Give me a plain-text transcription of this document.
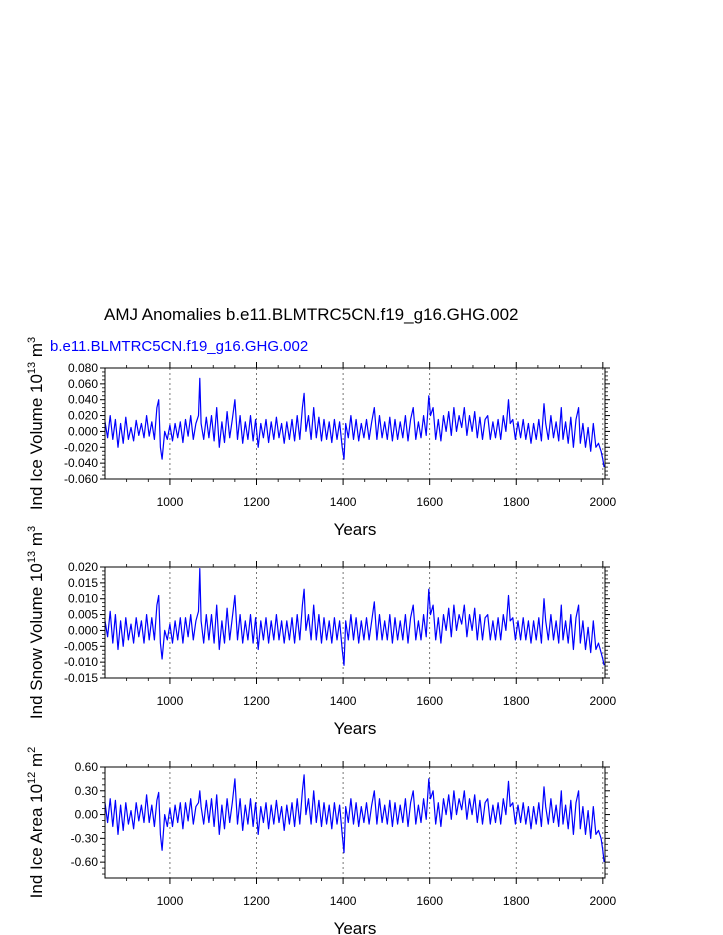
AMJ Anomalies b.e11.BLMTRC5CN.f19_g16.GHG.002
b.e11.BLMTRC5CN.f19_g16.GHG.002
-0.060
-0.040
-0.020
0.000
0.020
0.040
0.060
0.080
1000	1200	1400	1600	1800	2000
Years
Ind Ice Volume $10^{13}$ $m^3$
-0.015
-0.010
-0.005
0.000
0.005
0.010
0.015
0.020
1000	1200	1400	1600	1800	2000
Years
Ind Snow Volume $10^{13}$ $m^3$
-0.60
-0.30
0.00
0.30
0.60
1000	1200	1400	1600	1800	2000
Years
Ind Ice Area $10^{12}$ $m^2$
